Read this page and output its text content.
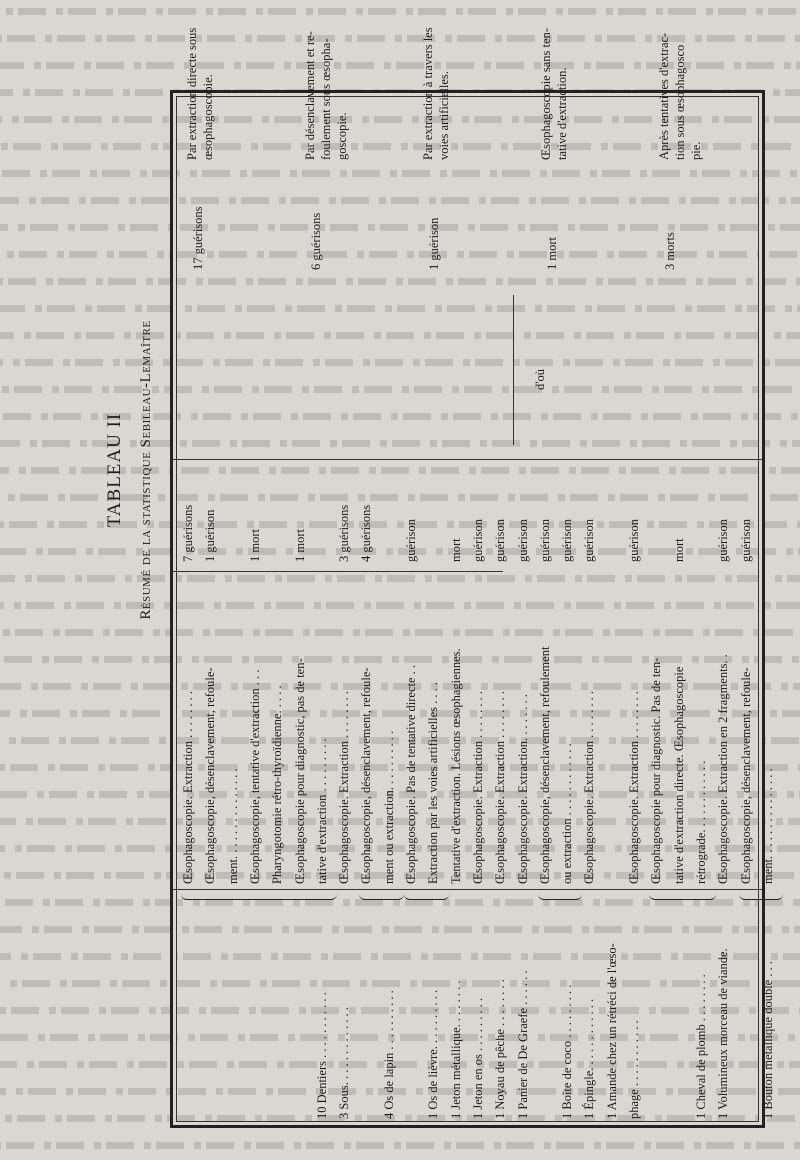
TABLEAU II Résumé de la statistique Sebileau-Lemaître
10 Dentiers . . . . . . . . . . .
Œsophagoscopie. Extraction . . . . . . . .
7 guérisons
Œsophagoscopie, désenclavement, refoule-
1 guérison
ment. . . . . . . . . . . . . . . Œsophagoscopie, tentative d'extraction . . .
1 mort
Pharyngotomie rétro-thyroïdienne. . . . . Œsophagoscopie pour diagnostic, pas de ten-
1 mort
tative d'extraction . . . . . . . . .
3 Sous. . . . . . . . . . . . .
Œsophagoscopie. Extraction . . . . . . . .
3 guérisons
4 Os de lapin . . . . . . . . . .
Œsophagoscopie, désenclavement, refoule-
4 guérisons
ment ou extraction. . . . . . . . . .
1 Os de lièvre. . . . . . . . . .
Œsophagoscopie. Pas de tentative directe . .
guérison
Extraction par les voies artificielles . . . .
1 Jeton métallique. . . . . . . .
Tentative d'extraction. Lésions œsophagiennes.
mort
1 Jeton en os . . . . . . . . .
Œsophagoscopie. Extraction . . . . . . . .
guérison
1 Noyau de pêche . . . . . . . .
Œsophagoscopie. Extraction . . . . . . . .
guérison
1 Panier de De Graefe . . . . . .
Œsophagoscopie. Extraction. . . . . . . .
guérison
1 Boîte de coco . . . . . . . . .
Œsophagoscopie, désenclavement, refoulement
guérison
ou extraction . . . . . . . . . . . .
guérison
1 Épingle. . . . . . . . . . . .
Œsophagoscopie. Extraction . . . . . . . .
guérison
1 Amande chez un rétréci de l'œso- phage . . . . . . . . . . .
Œsophagoscopie. Extraction . . . . . . . .
guérison
1 Cheval de plomb . . . . . . . .
Œsophagoscopie pour diagnostic. Pas de ten- tative d'extraction directe. Œsophagoscopie
mort
rétrograde. . . . . . . . . . . .
1 Volumineux morceau de viande.
Œsophagoscopie. Extraction en 2 fragments. .
guérison
1 Bouton métallique double . . .
Œsophagoscopie, désenclavement, refoule-
guérison
ment. . . . . . . . . . . . . . .
d'où
17 guérisons
Par extraction directe sous œsophagoscopie.
6 guérisons
Par désenclavement et re- foulement sous œsopha- goscopie.
1 guérison
Par extraction à travers les voies artificielles.
1 mort
Œsophagoscopie sans ten- tative d'extraction.
3 morts
Après tentatives d'extrac- tion sous œsophagosco pie.
